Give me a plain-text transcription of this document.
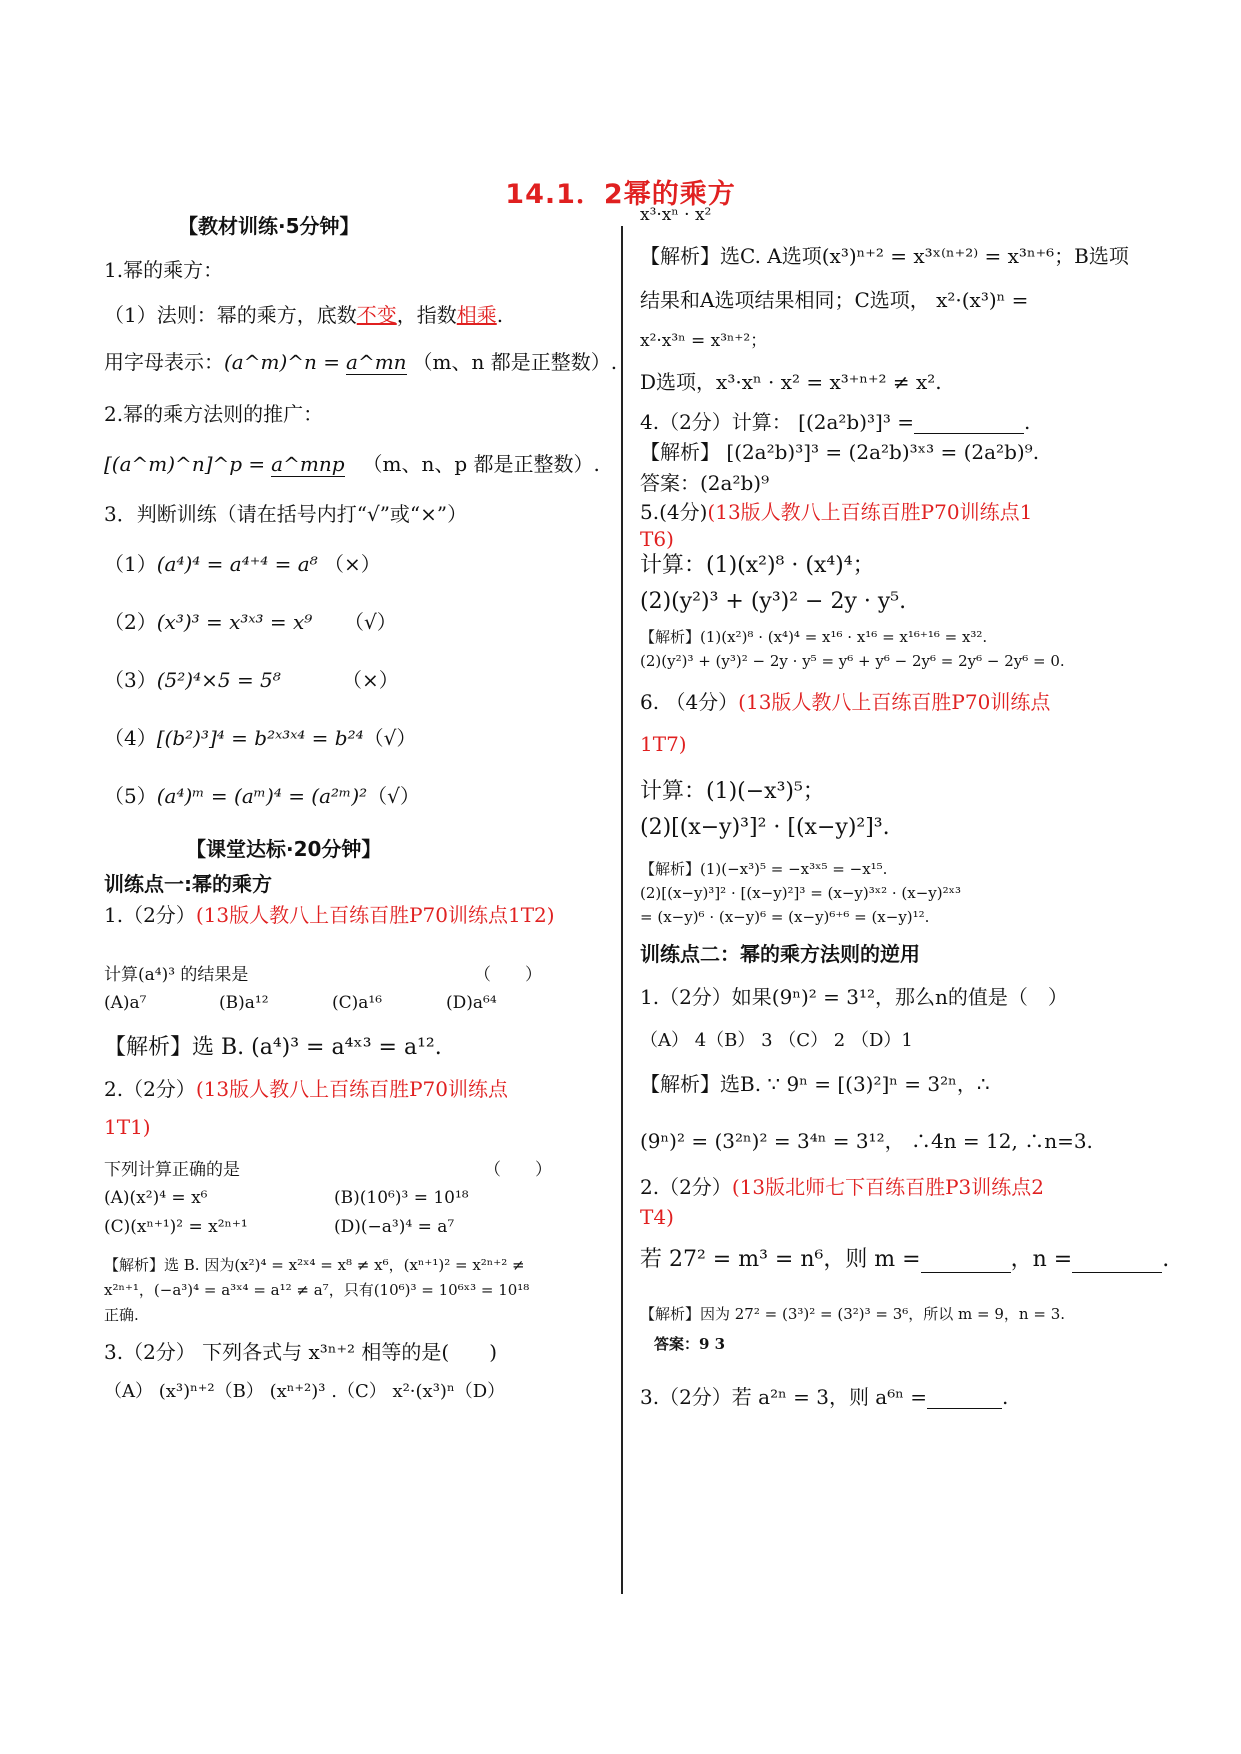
14.1．2幂的乘方
【教材训练·5分钟】
1.幂的乘方：
（1）法则：幂的乘方，底数不变，指数相乘.
用字母表示：(a^m)^n = a^mn （m、n 都是正整数）.
2.幂的乘方法则的推广：
[(a^m)^n]^p = a^mnp （m、n、p 都是正整数）.
3．判断训练（请在括号内打“√”或“×”）
（1）(a⁴)⁴ = a⁴⁺⁴ = a⁸ （×）
（2）(x³)³ = x³ˣ³ = x⁹ （√）
（3）(5²)⁴×5 = 5⁸	（×）
（4）[(b²)³]⁴ = b²ˣ³ˣ⁴ = b²⁴（√）
（5）(a⁴)ᵐ = (aᵐ)⁴ = (a²ᵐ)²（√）
【课堂达标·20分钟】
训练点一:幂的乘方
1.（2分）(13版人教八上百练百胜P70训练点1T2)
计算(a⁴)³ 的结果是	（　　）
(A)a⁷	(B)a¹²	(C)a¹⁶	(D)a⁶⁴
【解析】选 B. (a⁴)³ = a⁴ˣ³ = a¹².
2.（2分）(13版人教八上百练百胜P70训练点
1T1)
下列计算正确的是	（　　）
(A)(x²)⁴ = x⁶	(B)(10⁶)³ = 10¹⁸
(C)(xⁿ⁺¹)² = x²ⁿ⁺¹	(D)(−a³)⁴ = a⁷
【解析】选 B. 因为(x²)⁴ = x²ˣ⁴ = x⁸ ≠ x⁶，(xⁿ⁺¹)² = x²ⁿ⁺² ≠
x²ⁿ⁺¹，(−a³)⁴ = a³ˣ⁴ = a¹² ≠ a⁷，只有(10⁶)³ = 10⁶ˣ³ = 10¹⁸
正确.
3.（2分） 下列各式与 x³ⁿ⁺² 相等的是(　　)
（A） (x³)ⁿ⁺²（B） (xⁿ⁺²)³ .（C） x²·(x³)ⁿ（D）
x³·xⁿ · x²
【解析】选C. A选项(x³)ⁿ⁺² = x³ˣ⁽ⁿ⁺²⁾ = x³ⁿ⁺⁶；B选项
结果和A选项结果相同；C选项， x²·(x³)ⁿ =
x²·x³ⁿ = x³ⁿ⁺²；
D选项，x³·xⁿ · x² = x³⁺ⁿ⁺² ≠ x².
4.（2分）计算： [(2a²b)³]³ =	.
【解析】 [(2a²b)³]³ = (2a²b)³ˣ³ = (2a²b)⁹.
答案：(2a²b)⁹
5.(4分)(13版人教八上百练百胜P70训练点1
T6)
计算：(1)(x²)⁸ · (x⁴)⁴；
(2)(y²)³ + (y³)² − 2y · y⁵.
【解析】(1)(x²)⁸ · (x⁴)⁴ = x¹⁶ · x¹⁶ = x¹⁶⁺¹⁶ = x³².
(2)(y²)³ + (y³)² − 2y · y⁵ = y⁶ + y⁶ − 2y⁶ = 2y⁶ − 2y⁶ = 0.
6. （4分）(13版人教八上百练百胜P70训练点
1T7)
计算：(1)(−x³)⁵；
(2)[(x−y)³]² · [(x−y)²]³.
【解析】(1)(−x³)⁵ = −x³ˣ⁵ = −x¹⁵.
(2)[(x−y)³]² · [(x−y)²]³ = (x−y)³ˣ² · (x−y)²ˣ³
= (x−y)⁶ · (x−y)⁶ = (x−y)⁶⁺⁶ = (x−y)¹².
训练点二：幂的乘方法则的逆用
1.（2分）如果(9ⁿ)² = 3¹²，那么n的值是（　）
（A） 4（B） 3 （C） 2 （D）1
【解析】选B. ∵ 9ⁿ = [(3)²]ⁿ = 3²ⁿ，∴
(9ⁿ)² = (3²ⁿ)² = 3⁴ⁿ = 3¹²， ∴4n = 12, ∴n=3.
2.（2分）(13版北师七下百练百胜P3训练点2
T4)
若 27² = m³ = n⁶，则 m =	，n =	.
【解析】因为 27² = (3³)² = (3²)³ = 3⁶，所以 m = 9，n = 3.
答案：9 3
3.（2分）若 a²ⁿ = 3，则 a⁶ⁿ =	.
